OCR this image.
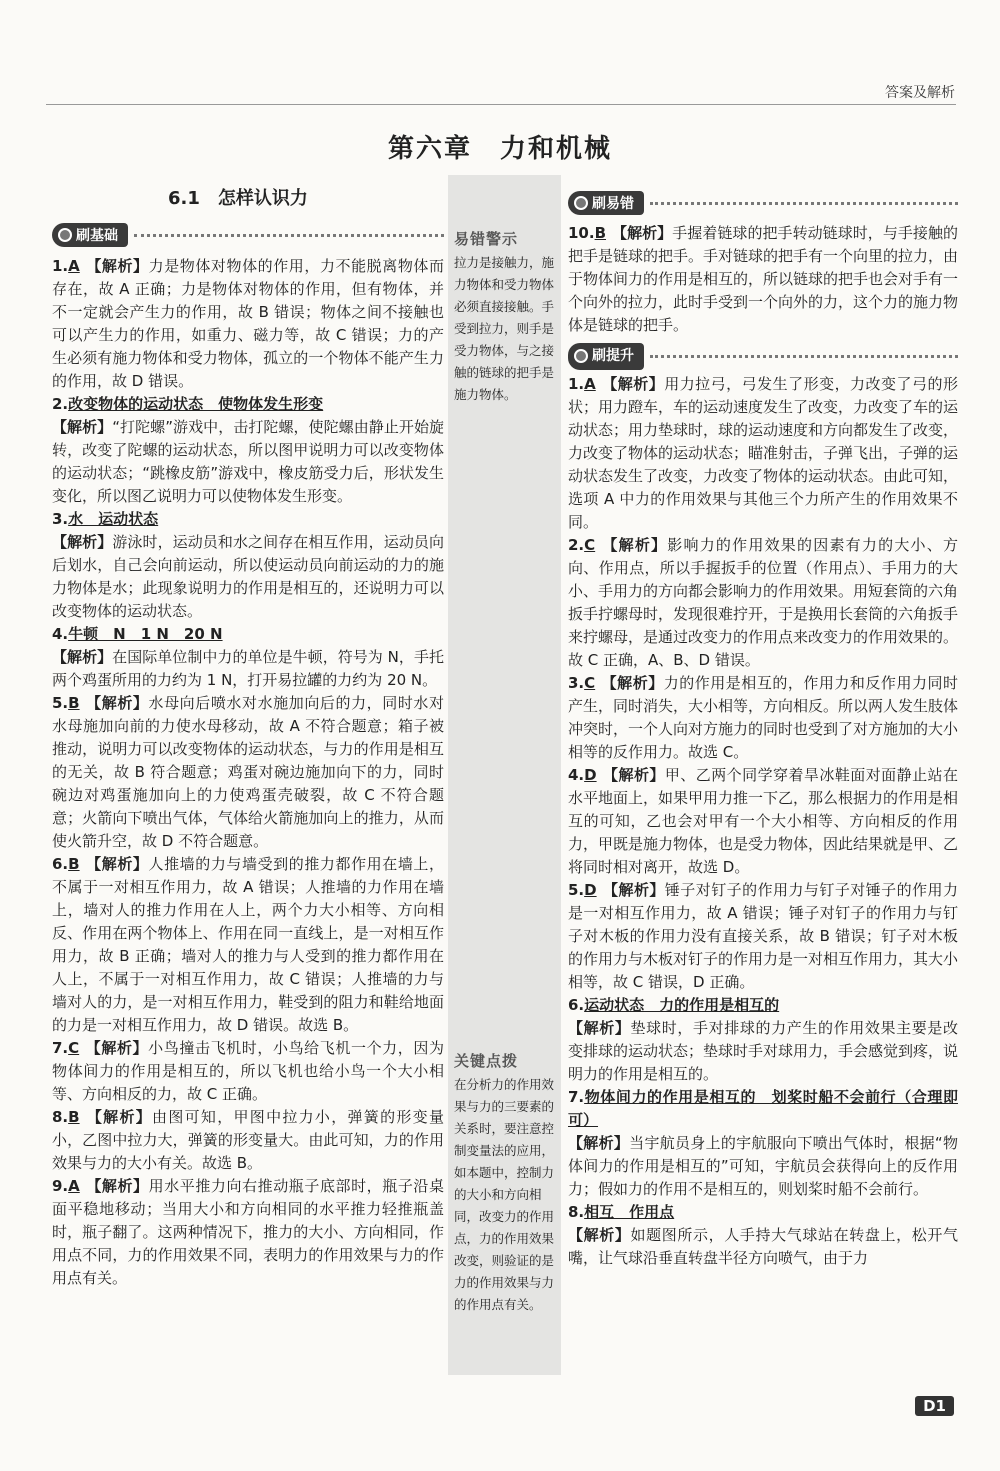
答案及解析
第六章　力和机械
6.1　怎样认识力
刷基础
刷易错
易错警示
拉力是接触力，施力物体和受力物体必须直接接触。手受到拉力，则手是受力物体，与之接触的链球的把手是施力物体。
关键点拨
在分析力的作用效果与力的三要素的关系时，要注意控制变量法的应用，如本题中，控制力的大小和方向相同，改变力的作用点，力的作用效果改变，则验证的是力的作用效果与力的作用点有关。
1.A 【解析】力是物体对物体的作用，力不能脱离物体而存在，故 A 正确；力是物体对物体的作用，但有物体，并不一定就会产生力的作用，故 B 错误；物体之间不接触也可以产生力的作用，如重力、磁力等，故 C 错误；力的产生必须有施力物体和受力物体，孤立的一个物体不能产生力的作用，故 D 错误。
2.改变物体的运动状态　使物体发生形变
【解析】“打陀螺”游戏中，击打陀螺，使陀螺由静止开始旋转，改变了陀螺的运动状态，所以图甲说明力可以改变物体的运动状态；“跳橡皮筋”游戏中，橡皮筋受力后，形状发生变化，所以图乙说明力可以使物体发生形变。
3.水　运动状态
【解析】游泳时，运动员和水之间存在相互作用，运动员向后划水，自己会向前运动，所以使运动员向前运动的力的施力物体是水；此现象说明力的作用是相互的，还说明力可以改变物体的运动状态。
4.牛顿　N　1 N　20 N
【解析】在国际单位制中力的单位是牛顿，符号为 N，手托两个鸡蛋所用的力约为 1 N，打开易拉罐的力约为 20 N。
5.B 【解析】水母向后喷水对水施加向后的力，同时水对水母施加向前的力使水母移动，故 A 不符合题意；箱子被推动，说明力可以改变物体的运动状态，与力的作用是相互的无关，故 B 符合题意；鸡蛋对碗边施加向下的力，同时碗边对鸡蛋施加向上的力使鸡蛋壳破裂，故 C 不符合题意；火箭向下喷出气体，气体给火箭施加向上的推力，从而使火箭升空，故 D 不符合题意。
6.B 【解析】人推墙的力与墙受到的推力都作用在墙上，不属于一对相互作用力，故 A 错误；人推墙的力作用在墙上，墙对人的推力作用在人上，两个力大小相等、方向相反、作用在两个物体上、作用在同一直线上，是一对相互作用力，故 B 正确；墙对人的推力与人受到的推力都作用在人上，不属于一对相互作用力，故 C 错误；人推墙的力与墙对人的力，是一对相互作用力，鞋受到的阻力和鞋给地面的力是一对相互作用力，故 D 错误。故选 B。
7.C 【解析】小鸟撞击飞机时，小鸟给飞机一个力，因为物体间力的作用是相互的，所以飞机也给小鸟一个大小相等、方向相反的力，故 C 正确。
8.B 【解析】由图可知，甲图中拉力小，弹簧的形变量小，乙图中拉力大，弹簧的形变量大。由此可知，力的作用效果与力的大小有关。故选 B。
9.A 【解析】用水平推力向右推动瓶子底部时，瓶子沿桌面平稳地移动；当用大小和方向相同的水平推力轻推瓶盖时，瓶子翻了。这两种情况下，推力的大小、方向相同，作用点不同，力的作用效果不同，表明力的作用效果与力的作用点有关。
10.B 【解析】手握着链球的把手转动链球时，与手接触的把手是链球的把手。手对链球的把手有一个向里的拉力，由于物体间力的作用是相互的，所以链球的把手也会对手有一个向外的拉力，此时手受到一个向外的力，这个力的施力物体是链球的把手。
刷提升
1.A 【解析】用力拉弓，弓发生了形变，力改变了弓的形状；用力蹬车，车的运动速度发生了改变，力改变了车的运动状态；用力垫球时，球的运动速度和方向都发生了改变，力改变了物体的运动状态；瞄准射击，子弹飞出，子弹的运动状态发生了改变，力改变了物体的运动状态。由此可知，选项 A 中力的作用效果与其他三个力所产生的作用效果不同。
2.C 【解析】影响力的作用效果的因素有力的大小、方向、作用点，所以手握扳手的位置（作用点）、手用力的大小、手用力的方向都会影响力的作用效果。用短套筒的六角扳手拧螺母时，发现很难拧开，于是换用长套筒的六角扳手来拧螺母，是通过改变力的作用点来改变力的作用效果的。故 C 正确，A、B、D 错误。
3.C 【解析】力的作用是相互的，作用力和反作用力同时产生，同时消失，大小相等，方向相反。所以两人发生肢体冲突时，一个人向对方施力的同时也受到了对方施加的大小相等的反作用力。故选 C。
4.D 【解析】甲、乙两个同学穿着旱冰鞋面对面静止站在水平地面上，如果甲用力推一下乙，那么根据力的作用是相互的可知，乙也会对甲有一个大小相等、方向相反的作用力，甲既是施力物体，也是受力物体，因此结果就是甲、乙将同时相对离开，故选 D。
5.D 【解析】锤子对钉子的作用力与钉子对锤子的作用力是一对相互作用力，故 A 错误；锤子对钉子的作用力与钉子对木板的作用力没有直接关系，故 B 错误；钉子对木板的作用力与木板对钉子的作用力是一对相互作用力，其大小相等，故 C 错误，D 正确。
6.运动状态　力的作用是相互的
【解析】垫球时，手对排球的力产生的作用效果主要是改变排球的运动状态；垫球时手对球用力，手会感觉到疼，说明力的作用是相互的。
7.物体间力的作用是相互的　划桨时船不会前行（合理即可）
【解析】当宇航员身上的宇航服向下喷出气体时，根据“物体间力的作用是相互的”可知，宇航员会获得向上的反作用力；假如力的作用不是相互的，则划桨时船不会前行。
8.相互　作用点
【解析】如题图所示，人手持大气球站在转盘上，松开气嘴，让气球沿垂直转盘半径方向喷气，由于力
D1
